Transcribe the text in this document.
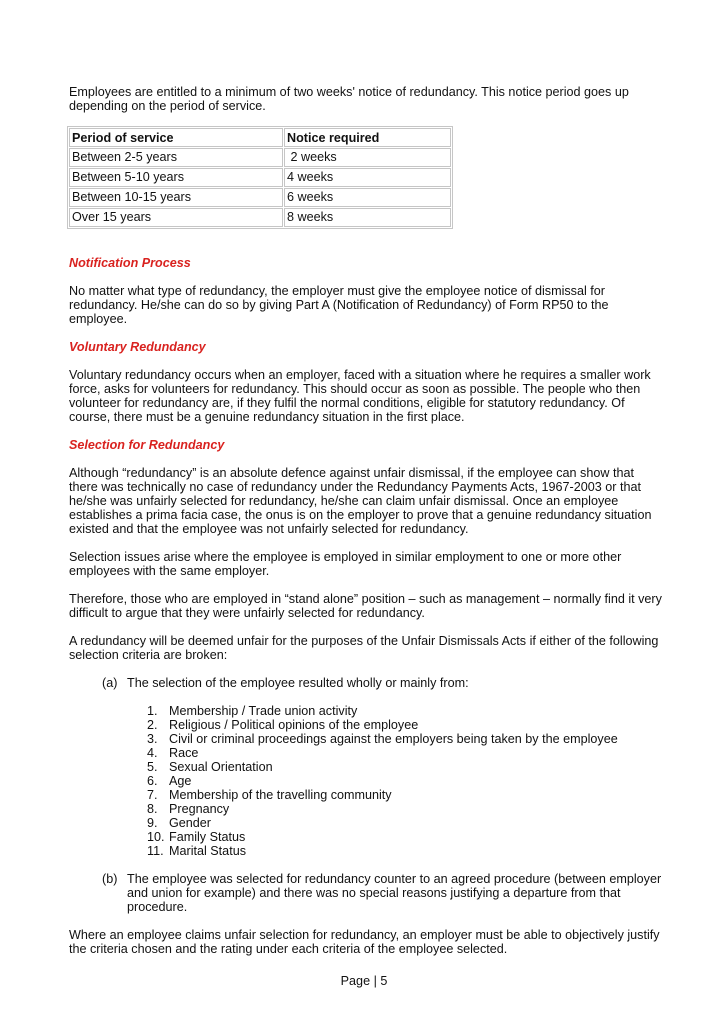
Employees are entitled to a minimum of two weeks' notice of redundancy. This notice period goes up depending on the period of service.

Period of service	Notice required
Between 2-5 years	2 weeks
Between 5-10 years	4 weeks
Between 10-15 years	6 weeks
Over 15 years	8 weeks

Notification Process

No matter what type of redundancy, the employer must give the employee notice of dismissal for redundancy. He/she can do so by giving Part A (Notification of Redundancy) of Form RP50 to the employee.

Voluntary Redundancy

Voluntary redundancy occurs when an employer, faced with a situation where he requires a smaller work force, asks for volunteers for redundancy. This should occur as soon as possible. The people who then volunteer for redundancy are, if they fulfil the normal conditions, eligible for statutory redundancy. Of course, there must be a genuine redundancy situation in the first place.

Selection for Redundancy

Although “redundancy” is an absolute defence against unfair dismissal, if the employee can show that there was technically no case of redundancy under the Redundancy Payments Acts, 1967-2003 or that he/she was unfairly selected for redundancy, he/she can claim unfair dismissal. Once an employee establishes a prima facia case, the onus is on the employer to prove that a genuine redundancy situation existed and that the employee was not unfairly selected for redundancy.

Selection issues arise where the employee is employed in similar employment to one or more other employees with the same employer.

Therefore, those who are employed in “stand alone” position – such as management – normally find it very difficult to argue that they were unfairly selected for redundancy.

A redundancy will be deemed unfair for the purposes of the Unfair Dismissals Acts if either of the following selection criteria are broken:

(a) The selection of the employee resulted wholly or mainly from:
1. Membership / Trade union activity
2. Religious / Political opinions of the employee
3. Civil or criminal proceedings against the employers being taken by the employee
4. Race
5. Sexual Orientation
6. Age
7. Membership of the travelling community
8. Pregnancy
9. Gender
10. Family Status
11. Marital Status
(b) The employee was selected for redundancy counter to an agreed procedure (between employer and union for example) and there was no special reasons justifying a departure from that procedure.

Where an employee claims unfair selection for redundancy, an employer must be able to objectively justify the criteria chosen and the rating under each criteria of the employee selected.

Page | 5
